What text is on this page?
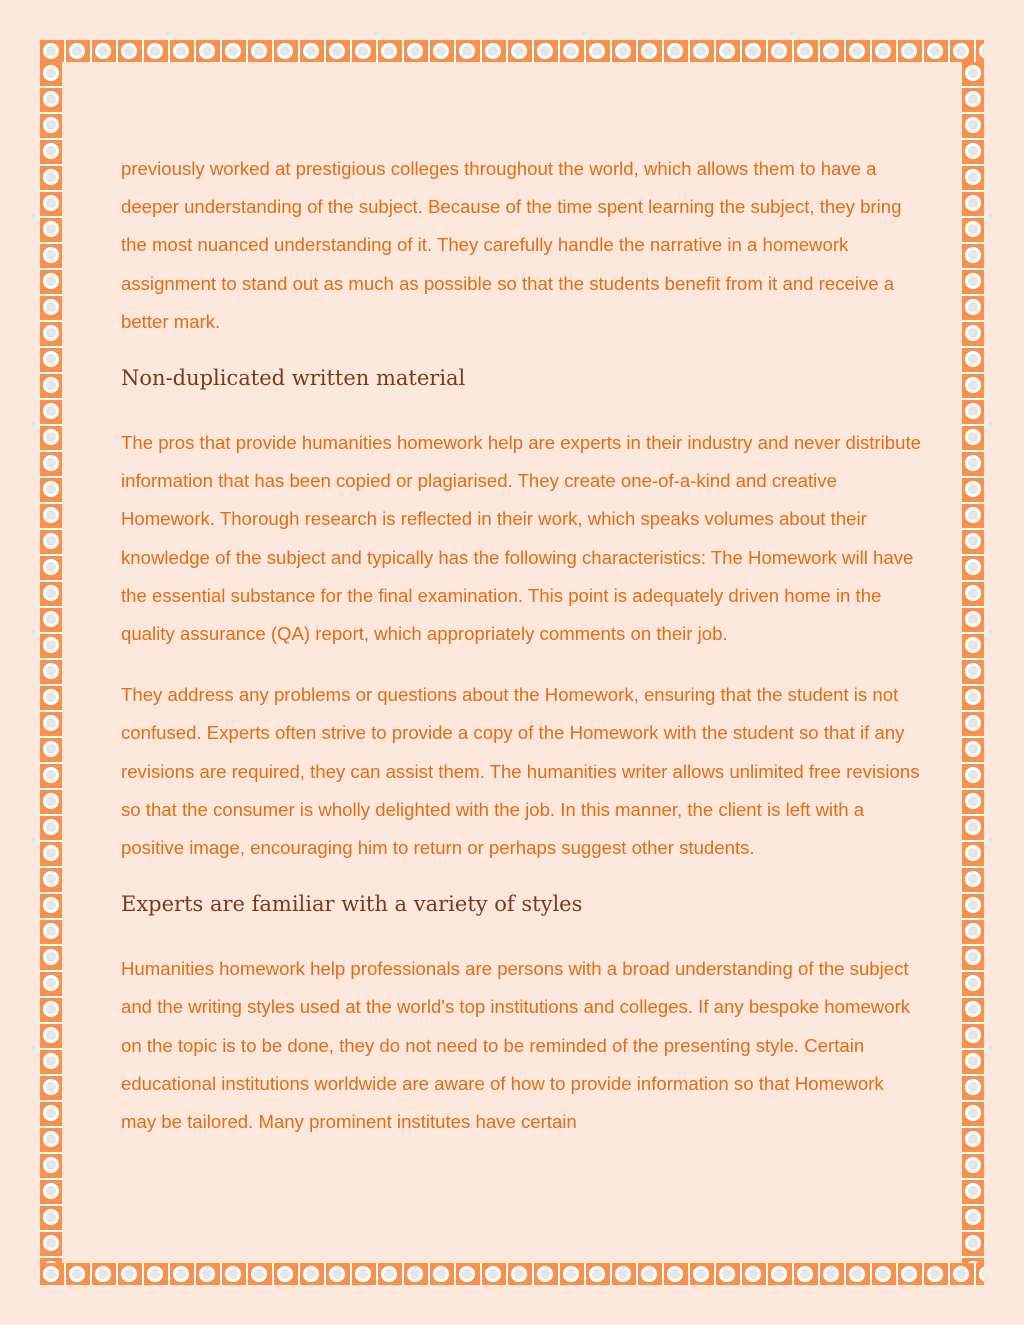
previously worked at prestigious colleges throughout the world, which allows them to have a deeper understanding of the subject. Because of the time spent learning the subject, they bring the most nuanced understanding of it. They carefully handle the narrative in a homework assignment to stand out as much as possible so that the students benefit from it and receive a better mark.

Non-duplicated written material

The pros that provide humanities homework help are experts in their industry and never distribute information that has been copied or plagiarised. They create one-of-a-kind and creative Homework. Thorough research is reflected in their work, which speaks volumes about their knowledge of the subject and typically has the following characteristics: The Homework will have the essential substance for the final examination. This point is adequately driven home in the quality assurance (QA) report, which appropriately comments on their job.

They address any problems or questions about the Homework, ensuring that the student is not confused. Experts often strive to provide a copy of the Homework with the student so that if any revisions are required, they can assist them. The humanities writer allows unlimited free revisions so that the consumer is wholly delighted with the job. In this manner, the client is left with a positive image, encouraging him to return or perhaps suggest other students.

Experts are familiar with a variety of styles

Humanities homework help professionals are persons with a broad understanding of the subject and the writing styles used at the world's top institutions and colleges. If any bespoke homework on the topic is to be done, they do not need to be reminded of the presenting style. Certain educational institutions worldwide are aware of how to provide information so that Homework may be tailored. Many prominent institutes have certain
